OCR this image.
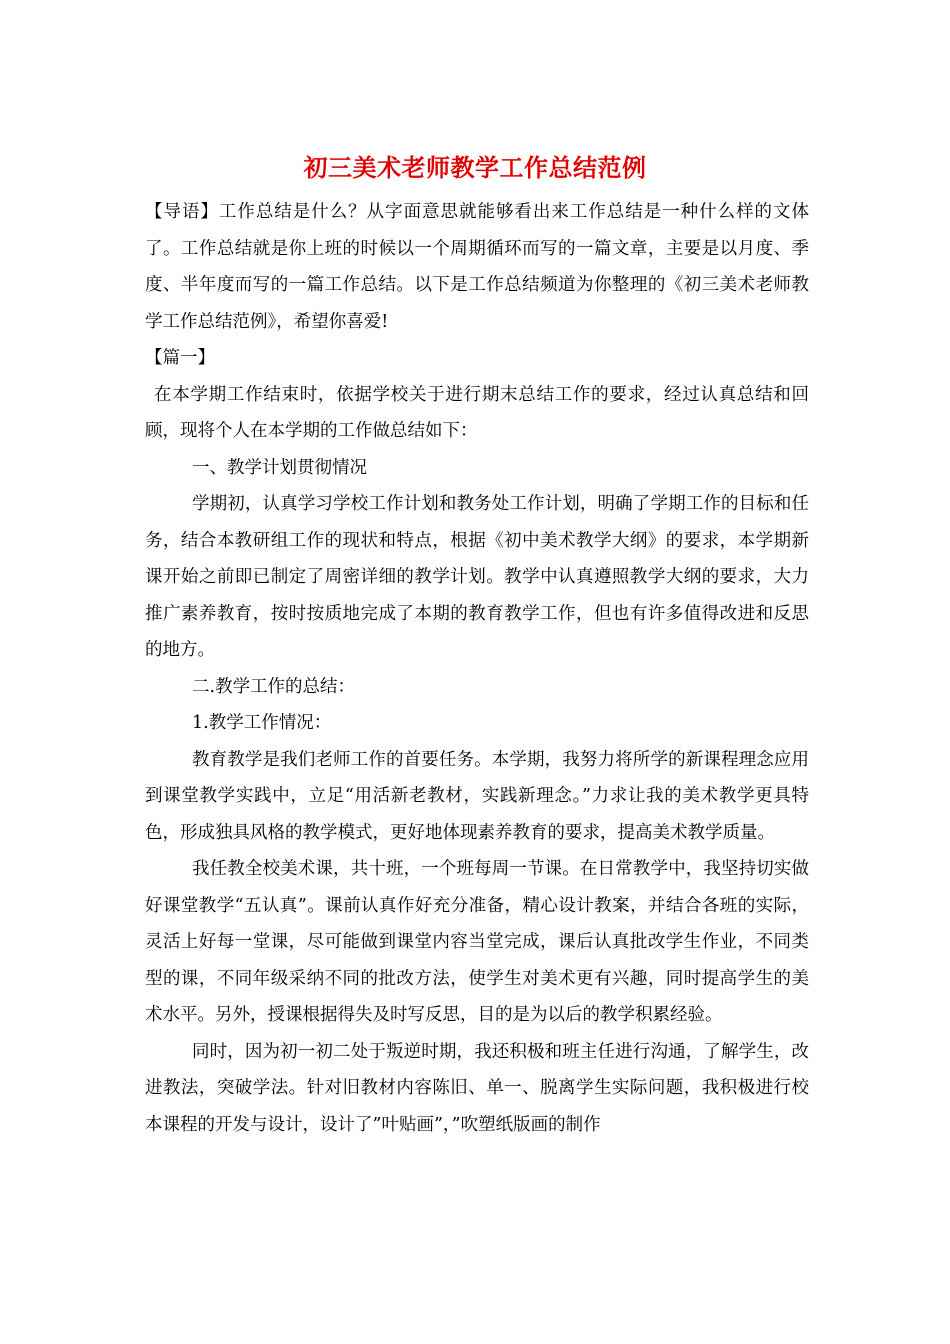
初三美术老师教学工作总结范例

【导语】工作总结是什么？从字面意思就能够看出来工作总结是一种什么样的文体了。工作总结就是你上班的时候以一个周期循环而写的一篇文章，主要是以月度、季度、半年度而写的一篇工作总结。以下是工作总结频道为你整理的《初三美术老师教学工作总结范例》，希望你喜爱!

【篇一】

在本学期工作结束时，依据学校关于进行期末总结工作的要求，经过认真总结和回顾，现将个人在本学期的工作做总结如下：

一、教学计划贯彻情况

学期初，认真学习学校工作计划和教务处工作计划，明确了学期工作的目标和任务，结合本教研组工作的现状和特点，根据《初中美术教学大纲》的要求，本学期新课开始之前即已制定了周密详细的教学计划。教学中认真遵照教学大纲的要求，大力推广素养教育，按时按质地完成了本期的教育教学工作，但也有许多值得改进和反思的地方。

二.教学工作的总结：

1.教学工作情况：

教育教学是我们老师工作的首要任务。本学期，我努力将所学的新课程理念应用到课堂教学实践中，立足“用活新老教材，实践新理念。”力求让我的美术教学更具特色，形成独具风格的教学模式，更好地体现素养教育的要求，提高美术教学质量。

我任教全校美术课，共十班，一个班每周一节课。在日常教学中，我坚持切实做好课堂教学“五认真”。课前认真作好充分准备，精心设计教案，并结合各班的实际，灵活上好每一堂课，尽可能做到课堂内容当堂完成，课后认真批改学生作业，不同类型的课，不同年级采纳不同的批改方法，使学生对美术更有兴趣，同时提高学生的美术水平。另外，授课根据得失及时写反思，目的是为以后的教学积累经验。

同时，因为初一初二处于叛逆时期，我还积极和班主任进行沟通，了解学生，改进教法，突破学法。针对旧教材内容陈旧、单一、脱离学生实际问题，我积极进行校本课程的开发与设计，设计了”叶贴画”，”吹塑纸版画的制作
